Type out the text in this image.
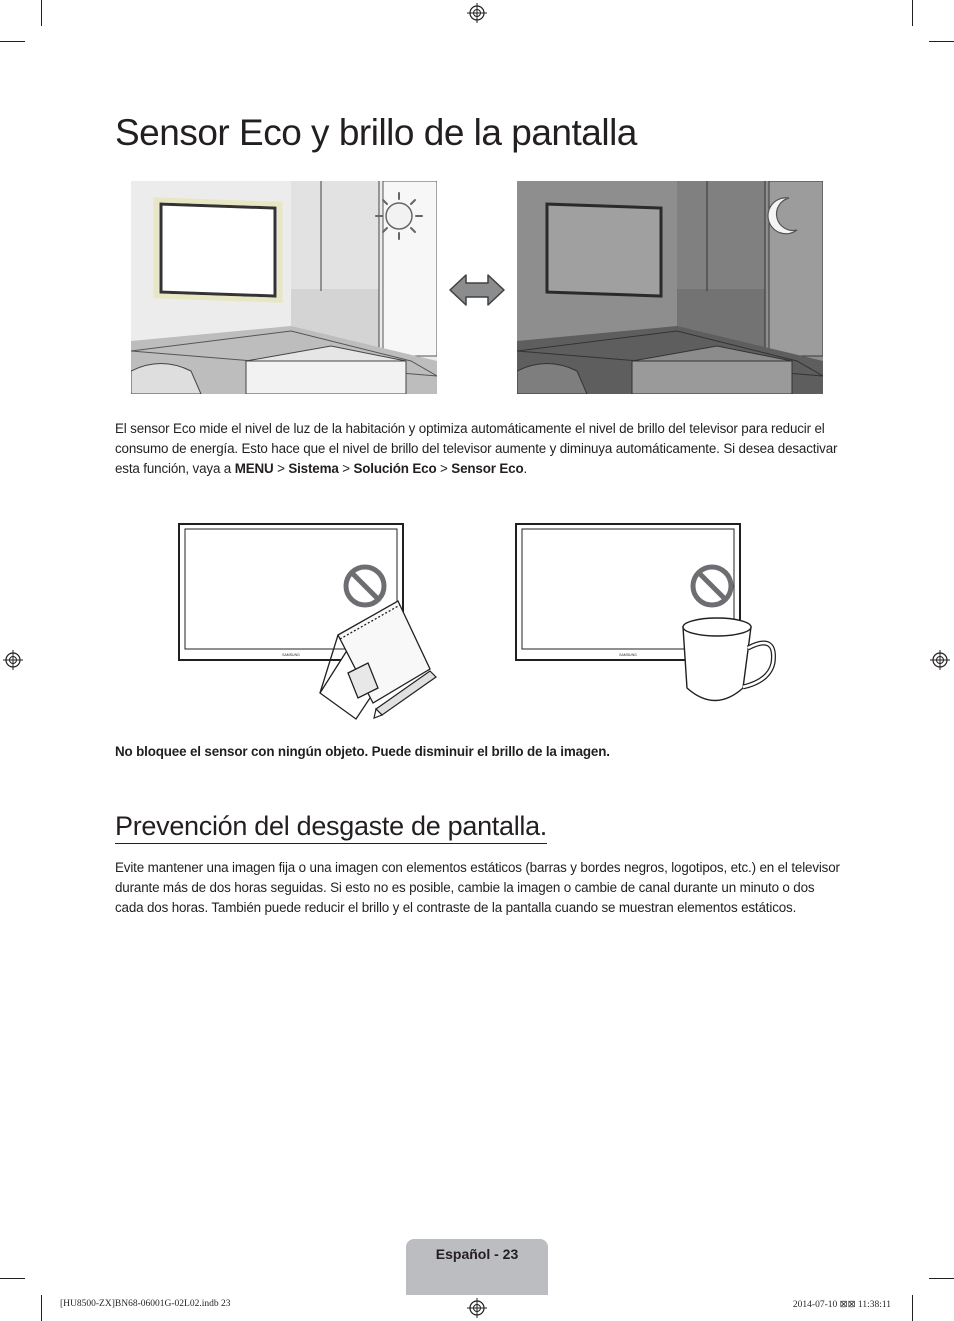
Sensor Eco y brillo de la pantalla
El sensor Eco mide el nivel de luz de la habitación y optimiza automáticamente el nivel de brillo del televisor para reducir el consumo de energía. Esto hace que el nivel de brillo del televisor aumente y diminuya automáticamente. Si desea desactivar esta función, vaya a MENU > Sistema > Solución Eco > Sensor Eco.
SAMSUNG	SAMSUNG
No bloquee el sensor con ningún objeto. Puede disminuir el brillo de la imagen.
Prevención del desgaste de pantalla.
Evite mantener una imagen fija o una imagen con elementos estáticos (barras y bordes negros, logotipos, etc.) en el televisor durante más de dos horas seguidas. Si esto no es posible, cambie la imagen o cambie de canal durante un minuto o dos cada dos horas. También puede reducir el brillo y el contraste de la pantalla cuando se muestran elementos estáticos.
Español - 23
[HU8500-ZX]BN68-06001G-02L02.indb 23	2014-07-10 ⊠⊠ 11:38:11
